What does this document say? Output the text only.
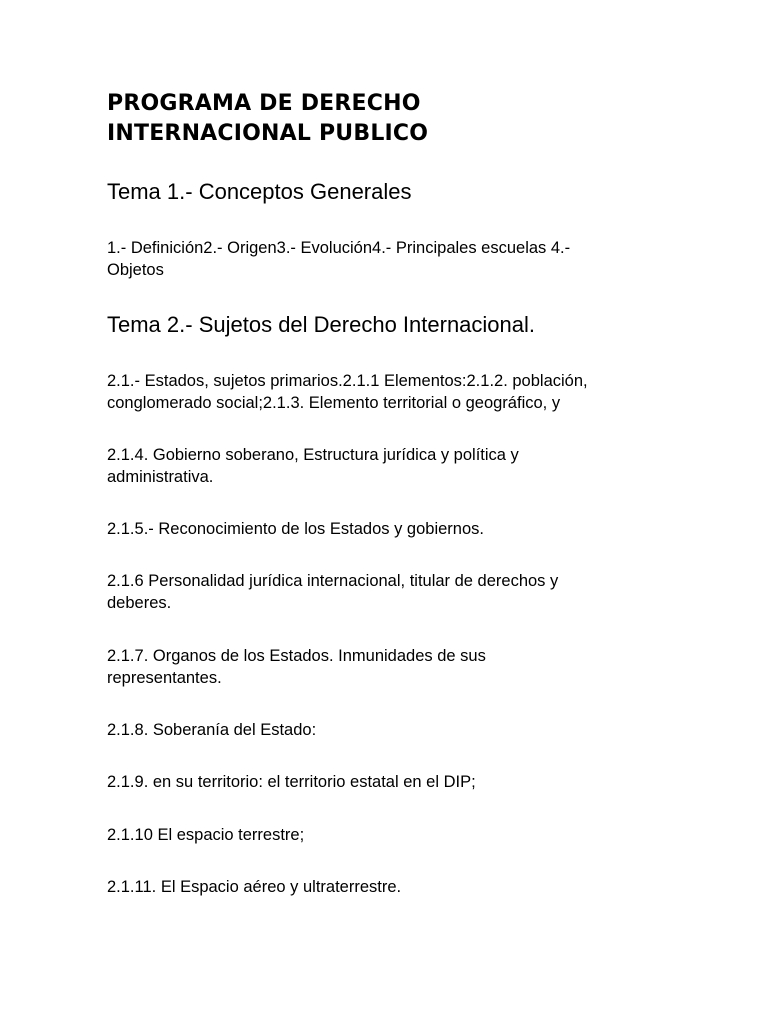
PROGRAMA DE DERECHO
INTERNACIONAL PUBLICO
Tema 1.- Conceptos Generales

1.- Definición2.- Origen3.- Evolución4.- Principales escuelas 4.-
Objetos

Tema 2.- Sujetos del Derecho Internacional.

2.1.- Estados, sujetos primarios.2.1.1 Elementos:2.1.2. población,
conglomerado social;2.1.3. Elemento territorial o geográfico, y

2.1.4. Gobierno soberano, Estructura jurídica y política y
administrativa.

2.1.5.- Reconocimiento de los Estados y gobiernos.

2.1.6 Personalidad jurídica internacional, titular de derechos y
deberes.

2.1.7. Organos de los Estados. Inmunidades de sus
representantes.

2.1.8. Soberanía del Estado:

2.1.9. en su territorio: el territorio estatal en el DIP;

2.1.10 El espacio terrestre;

2.1.11. El Espacio aéreo y ultraterrestre.
